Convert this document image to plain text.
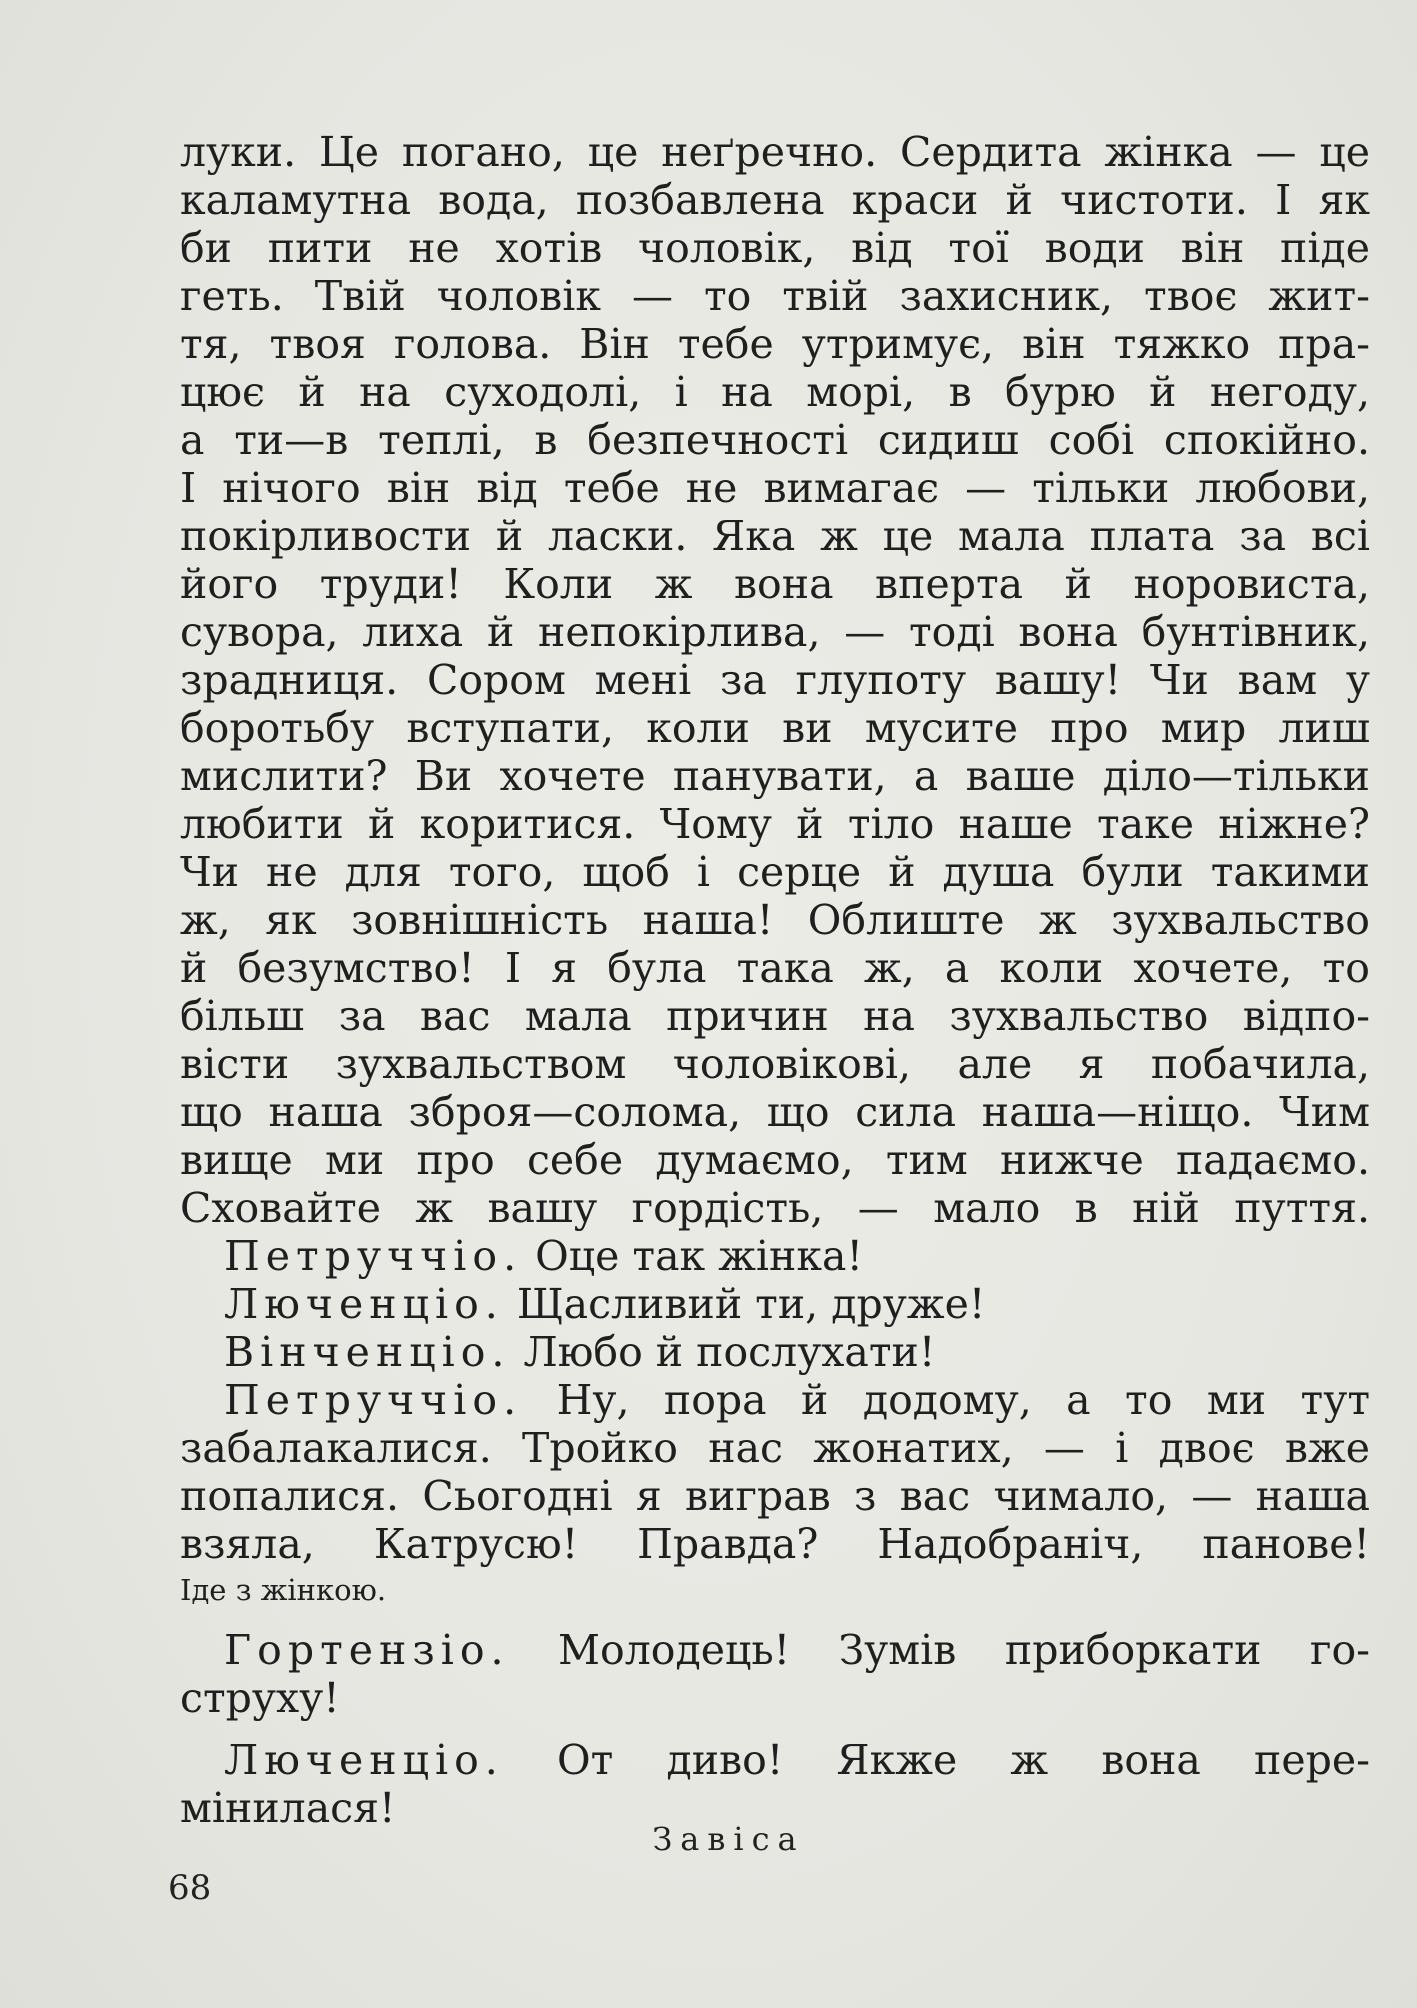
луки. Це погано, це неґречно. Сердита жінка — це
каламутна вода, позбавлена краси й чистоти. І як
би пити не хотів чоловік, від тої води він піде
геть. Твій чоловік — то твій захисник, твоє жит-
тя, твоя голова. Він тебе утримує, він тяжко пра-
цює й на суходолі, і на морі, в бурю й негоду,
а ти—в теплі, в безпечності сидиш собі спокійно.
І нічого він від тебе не вимагає — тільки любови,
покірливости й ласки. Яка ж це мала плата за всі
його труди! Коли ж вона вперта й норовиста,
сувора, лиха й непокірлива, — тоді вона бунтівник,
зрадниця. Сором мені за глупоту вашу! Чи вам у
боротьбу вступати, коли ви мусите про мир лиш
мислити? Ви хочете панувати, а ваше діло—тільки
любити й коритися. Чому й тіло наше таке ніжне?
Чи не для того, щоб і серце й душа були такими
ж, як зовнішність наша! Облиште ж зухвальство
й безумство! І я була така ж, а коли хочете, то
більш за вас мала причин на зухвальство відпо-
вісти зухвальством чоловікові, але я побачила,
що наша зброя—солома, що сила наша—ніщо. Чим
вище ми про себе думаємо, тим нижче падаємо.
Сховайте ж вашу гордість, — мало в ній пуття.
Петруччіо. Оце так жінка!
Люченціо. Щасливий ти, друже!
Вінченціо. Любо й послухати!
Петруччіо. Ну, пора й додому, а то ми тут
забалакалися. Тройко нас жонатих, — і двоє вже
попалися. Сьогодні я виграв з вас чимало, — наша
взяла, Катрусю! Правда? Надобраніч, панове!
Іде з жінкою.
Гортензіо. Молодець! Зумів приборкати го-
струху!
Люченціо. От диво! Якже ж вона пере-
мінилася!
Завіса
68
